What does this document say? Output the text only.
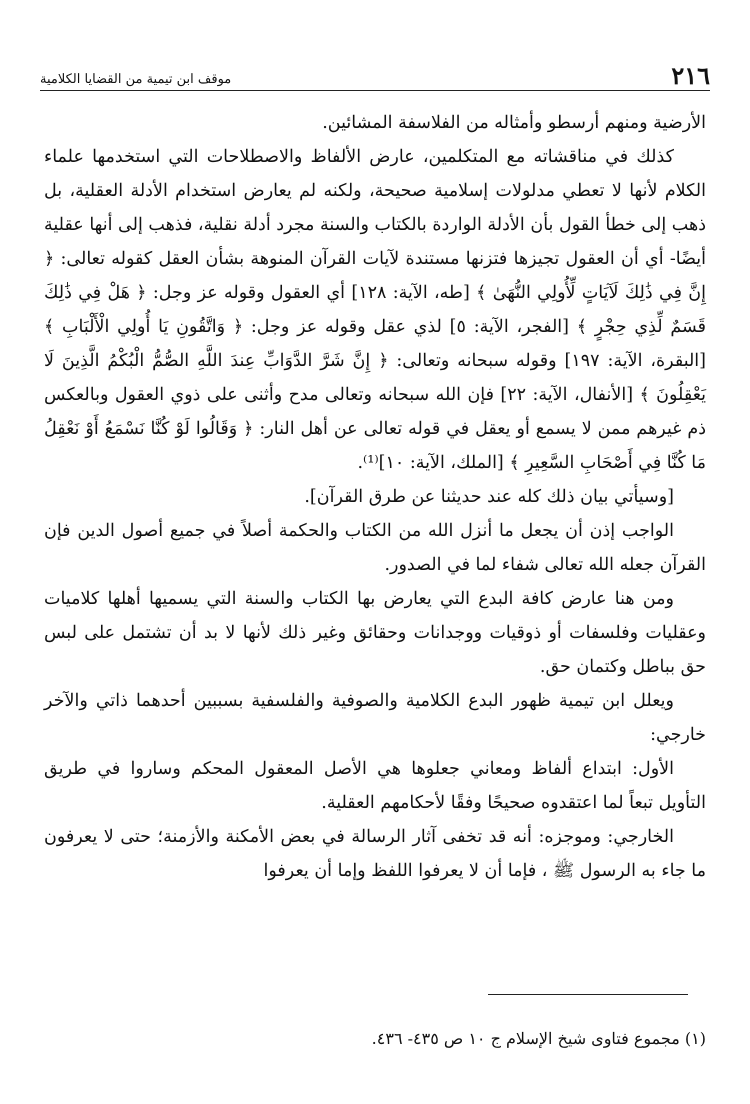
٢١٦
موقف ابن تيمية من القضايا الكلامية

الأرضية ومنهم أرسطو وأمثاله من الفلاسفة المشائين.

كذلك في مناقشاته مع المتكلمين، عارض الألفاظ والاصطلاحات التي استخدمها علماء الكلام لأنها لا تعطي مدلولات إسلامية صحيحة، ولكنه لم يعارض استخدام الأدلة العقلية، بل ذهب إلى خطأ القول بأن الأدلة الواردة بالكتاب والسنة مجرد أدلة نقلية، فذهب إلى أنها عقلية أيضًا- أي أن العقول تجيزها فتزنها مستندة لآيات القرآن المنوهة بشأن العقل كقوله تعالى: ﴿ إِنَّ فِي ذَٰلِكَ لَآيَاتٍ لِّأُولِي النُّهَىٰ ﴾ [طه، الآية: ١٢٨] أي العقول وقوله عز وجل: ﴿ هَلْ فِي ذَٰلِكَ قَسَمٌ لِّذِي حِجْرٍ ﴾ [الفجر، الآية: ٥] لذي عقل وقوله عز وجل: ﴿ وَاتَّقُونِ يَا أُولِي الْأَلْبَابِ ﴾ [البقرة، الآية: ١٩٧] وقوله سبحانه وتعالى: ﴿ إِنَّ شَرَّ الدَّوَابِّ عِندَ اللَّهِ الصُّمُّ الْبُكْمُ الَّذِينَ لَا يَعْقِلُونَ ﴾ [الأنفال، الآية: ٢٢] فإن الله سبحانه وتعالى مدح وأثنى على ذوي العقول وبالعكس ذم غيرهم ممن لا يسمع أو يعقل في قوله تعالى عن أهل النار: ﴿ وَقَالُوا لَوْ كُنَّا نَسْمَعُ أَوْ نَعْقِلُ مَا كُنَّا فِي أَصْحَابِ السَّعِيرِ ﴾ [الملك، الآية: ١٠]⁽¹⁾.

[وسيأتي بيان ذلك كله عند حديثنا عن طرق القرآن].

الواجب إذن أن يجعل ما أنزل الله من الكتاب والحكمة أصلاً في جميع أصول الدين فإن القرآن جعله الله تعالى شفاء لما في الصدور.

ومن هنا عارض كافة البدع التي يعارض بها الكتاب والسنة التي يسميها أهلها كلاميات وعقليات وفلسفات أو ذوقيات ووجدانات وحقائق وغير ذلك لأنها لا بد أن تشتمل على لبس حق بباطل وكتمان حق.

ويعلل ابن تيمية ظهور البدع الكلامية والصوفية والفلسفية بسببين أحدهما ذاتي والآخر خارجي:

الأول: ابتداع ألفاظ ومعاني جعلوها هي الأصل المعقول المحكم وساروا في طريق التأويل تبعاً لما اعتقدوه صحيحًا وفقًا لأحكامهم العقلية.

الخارجي: وموجزه: أنه قد تخفى آثار الرسالة في بعض الأمكنة والأزمنة؛ حتى لا يعرفون ما جاء به الرسول ﷺ ، فإما أن لا يعرفوا اللفظ وإما أن يعرفوا

(١) مجموع فتاوى شيخ الإسلام ج ١٠ ص ٤٣٥- ٤٣٦.
